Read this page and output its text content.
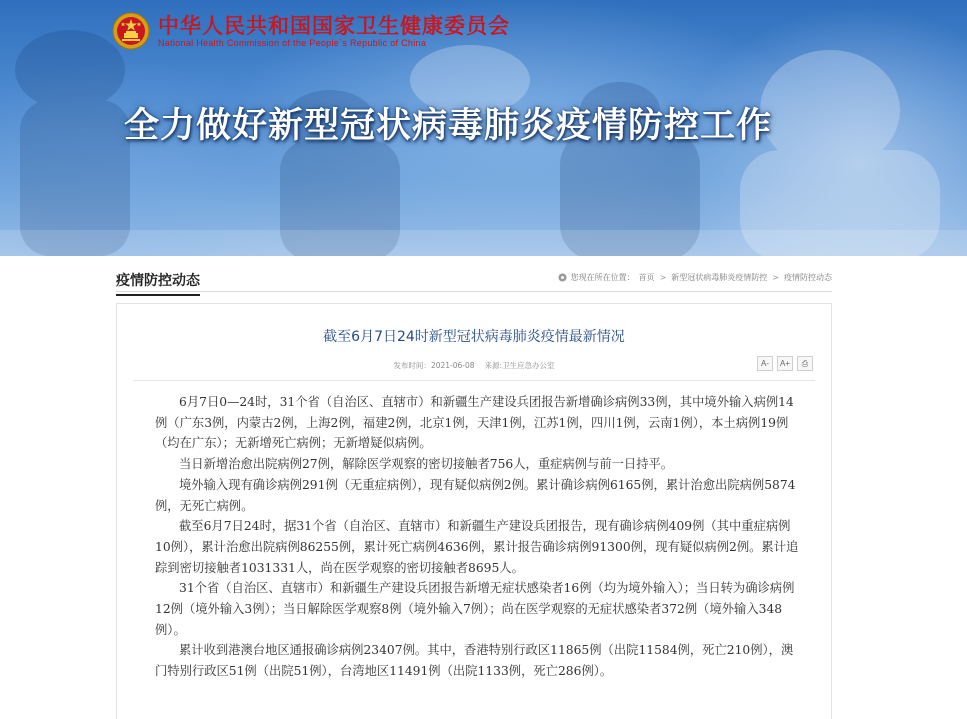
中华人民共和国国家卫生健康委员会
National Health Commission of the People`s Republic of China
全力做好新型冠状病毒肺炎疫情防控工作
疫情防控动态	您现在所在位置： 首页 > 新型冠状病毒肺炎疫情防控 > 疫情防控动态
截至6月7日24时新型冠状病毒肺炎疫情最新情况
发布时间：2021-06-08 来源:卫生应急办公室	A-	A+	⎙

6月7日0—24时，31个省（自治区、直辖市）和新疆生产建设兵团报告新增确诊病例33例，其中境外输入病例14例（广东3例，内蒙古2例，上海2例，福建2例，北京1例，天津1例，江苏1例，四川1例，云南1例），本土病例19例（均在广东）；无新增死亡病例；无新增疑似病例。

当日新增治愈出院病例27例，解除医学观察的密切接触者756人，重症病例与前一日持平。

境外输入现有确诊病例291例（无重症病例），现有疑似病例2例。累计确诊病例6165例，累计治愈出院病例5874例，无死亡病例。

截至6月7日24时，据31个省（自治区、直辖市）和新疆生产建设兵团报告，现有确诊病例409例（其中重症病例10例），累计治愈出院病例86255例，累计死亡病例4636例，累计报告确诊病例91300例，现有疑似病例2例。累计追踪到密切接触者1031331人，尚在医学观察的密切接触者8695人。

31个省（自治区、直辖市）和新疆生产建设兵团报告新增无症状感染者16例（均为境外输入）；当日转为确诊病例12例（境外输入3例）；当日解除医学观察8例（境外输入7例）；尚在医学观察的无症状感染者372例（境外输入348例）。

累计收到港澳台地区通报确诊病例23407例。其中，香港特别行政区11865例（出院11584例，死亡210例），澳门特别行政区51例（出院51例），台湾地区11491例（出院1133例，死亡286例）。
